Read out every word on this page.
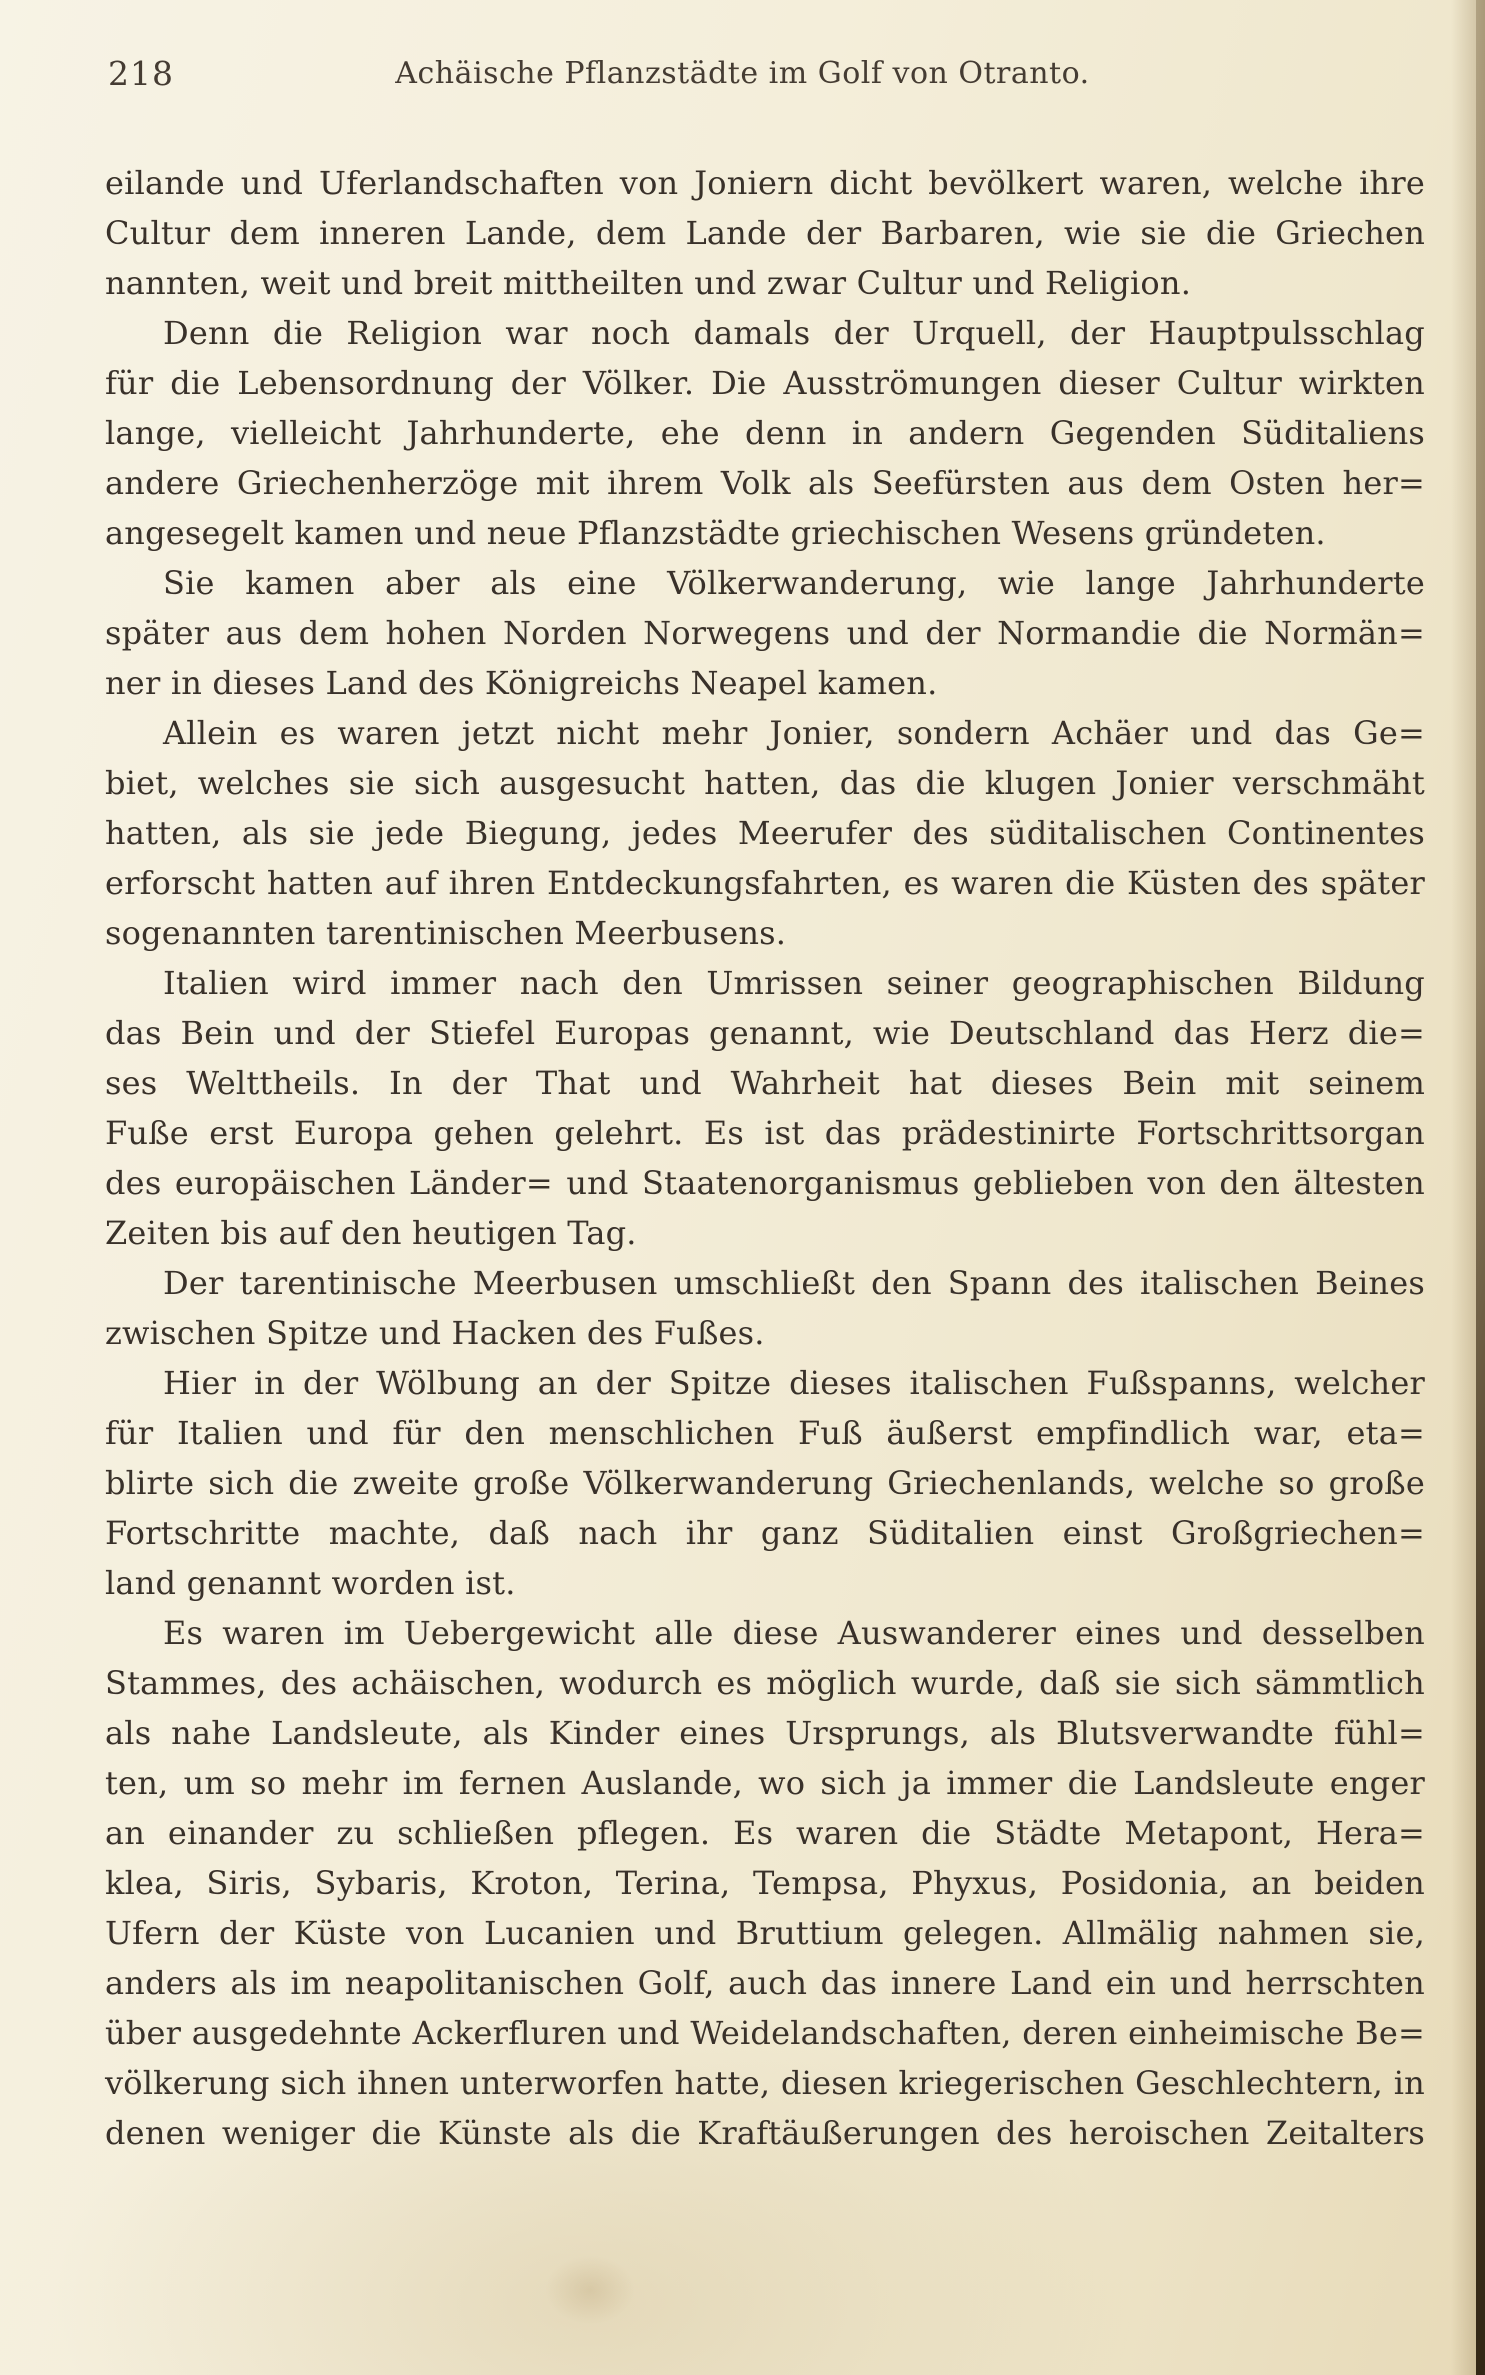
218	Achäische Pflanzstädte im Golf von Otranto.
eilande und Uferlandschaften von Joniern dicht bevölkert waren, welche ihre
Cultur dem inneren Lande, dem Lande der Barbaren, wie sie die Griechen
nannten, weit und breit mittheilten und zwar Cultur und Religion.
Denn die Religion war noch damals der Urquell, der Hauptpulsschlag
für die Lebensordnung der Völker. Die Ausströmungen dieser Cultur wirkten
lange, vielleicht Jahrhunderte, ehe denn in andern Gegenden Süditaliens
andere Griechenherzöge mit ihrem Volk als Seefürsten aus dem Osten her=
angesegelt kamen und neue Pflanzstädte griechischen Wesens gründeten.
Sie kamen aber als eine Völkerwanderung, wie lange Jahrhunderte
später aus dem hohen Norden Norwegens und der Normandie die Normän=
ner in dieses Land des Königreichs Neapel kamen.
Allein es waren jetzt nicht mehr Jonier, sondern Achäer und das Ge=
biet, welches sie sich ausgesucht hatten, das die klugen Jonier verschmäht
hatten, als sie jede Biegung, jedes Meerufer des süditalischen Continentes
erforscht hatten auf ihren Entdeckungsfahrten, es waren die Küsten des später
sogenannten tarentinischen Meerbusens.
Italien wird immer nach den Umrissen seiner geographischen Bildung
das Bein und der Stiefel Europas genannt, wie Deutschland das Herz die=
ses Welttheils. In der That und Wahrheit hat dieses Bein mit seinem
Fuße erst Europa gehen gelehrt. Es ist das prädestinirte Fortschrittsorgan
des europäischen Länder= und Staatenorganismus geblieben von den ältesten
Zeiten bis auf den heutigen Tag.
Der tarentinische Meerbusen umschließt den Spann des italischen Beines
zwischen Spitze und Hacken des Fußes.
Hier in der Wölbung an der Spitze dieses italischen Fußspanns, welcher
für Italien und für den menschlichen Fuß äußerst empfindlich war, eta=
blirte sich die zweite große Völkerwanderung Griechenlands, welche so große
Fortschritte machte, daß nach ihr ganz Süditalien einst Großgriechen=
land genannt worden ist.
Es waren im Uebergewicht alle diese Auswanderer eines und desselben
Stammes, des achäischen, wodurch es möglich wurde, daß sie sich sämmtlich
als nahe Landsleute, als Kinder eines Ursprungs, als Blutsverwandte fühl=
ten, um so mehr im fernen Auslande, wo sich ja immer die Landsleute enger
an einander zu schließen pflegen. Es waren die Städte Metapont, Hera=
klea, Siris, Sybaris, Kroton, Terina, Tempsa, Phyxus, Posidonia, an beiden
Ufern der Küste von Lucanien und Bruttium gelegen. Allmälig nahmen sie,
anders als im neapolitanischen Golf, auch das innere Land ein und herrschten
über ausgedehnte Ackerfluren und Weidelandschaften, deren einheimische Be=
völkerung sich ihnen unterworfen hatte, diesen kriegerischen Geschlechtern, in
denen weniger die Künste als die Kraftäußerungen des heroischen Zeitalters
